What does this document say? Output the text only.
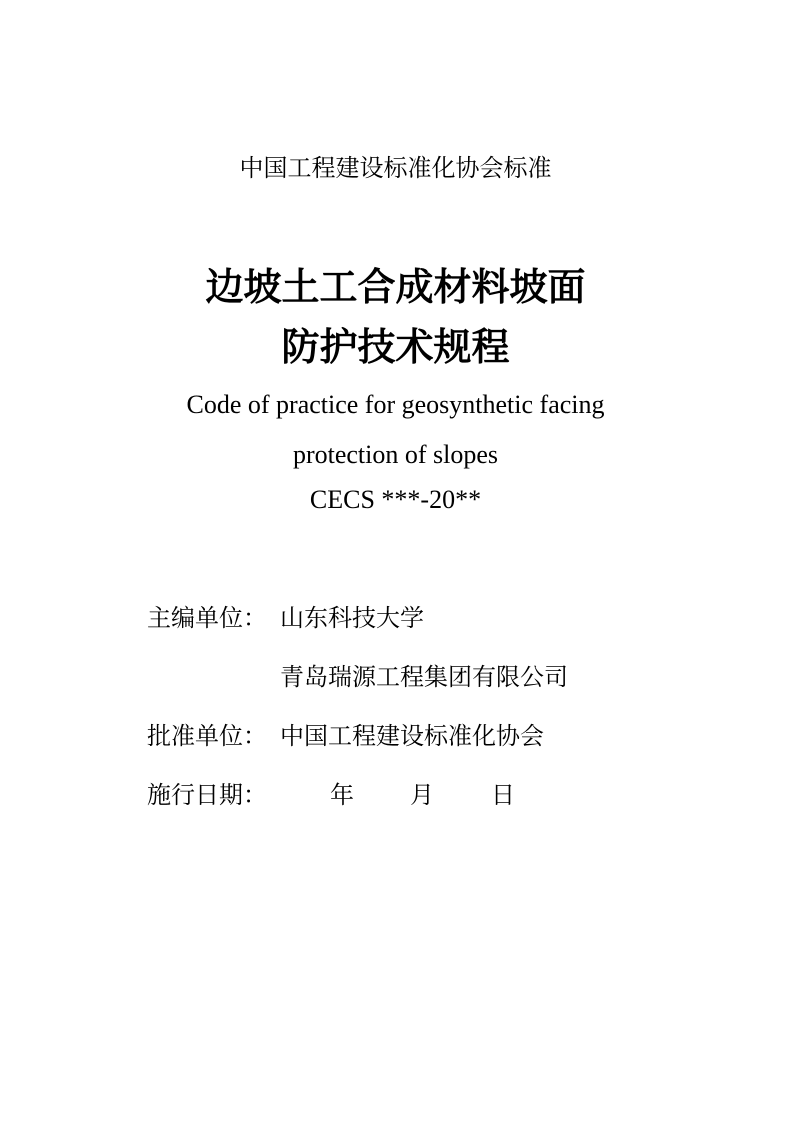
中国工程建设标准化协会标准
边坡土工合成材料坡面
防护技术规程
Code of practice for geosynthetic facing
protection of slopes
CECS ***-20**
主编单位： 山东科技大学
青岛瑞源工程集团有限公司
批准单位： 中国工程建设标准化协会
施行日期：	年 月 日
